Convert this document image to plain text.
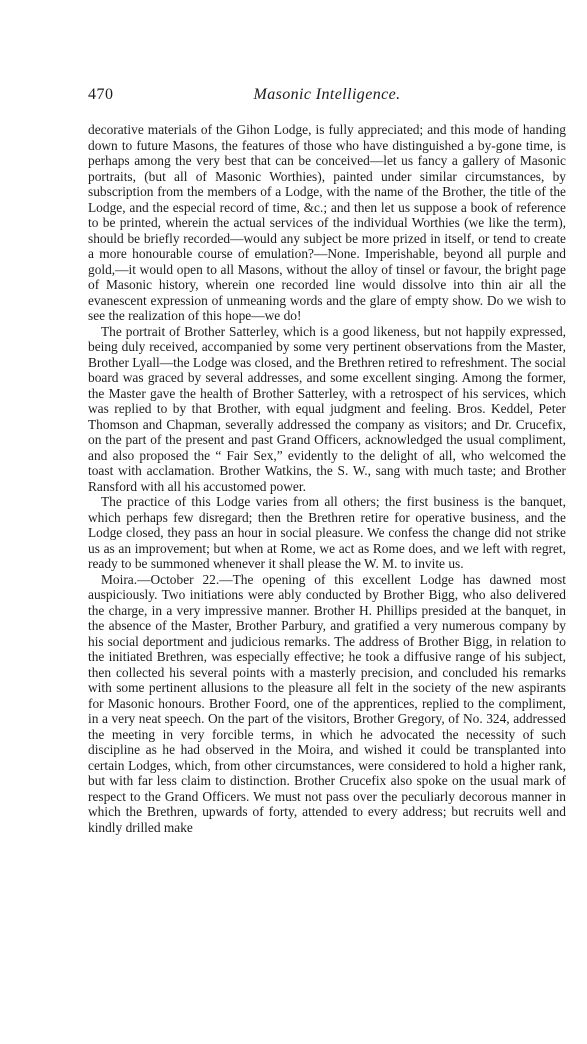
470	Masonic Intelligence.

decorative materials of the Gihon Lodge, is fully appreciated; and this mode of handing down to future Masons, the features of those who have distinguished a by-gone time, is perhaps among the very best that can be conceived—let us fancy a gallery of Masonic portraits, (but all of Masonic Worthies), painted under similar circumstances, by subscription from the members of a Lodge, with the name of the Brother, the title of the Lodge, and the especial record of time, &c.; and then let us suppose a book of reference to be printed, wherein the actual services of the individual Worthies (we like the term), should be briefly recorded—would any subject be more prized in itself, or tend to create a more honourable course of emulation?—None. Imperishable, beyond all purple and gold,—it would open to all Masons, without the alloy of tinsel or favour, the bright page of Masonic history, wherein one recorded line would dissolve into thin air all the evanescent expression of unmeaning words and the glare of empty show. Do we wish to see the realization of this hope—we do!

The portrait of Brother Satterley, which is a good likeness, but not happily expressed, being duly received, accompanied by some very pertinent observations from the Master, Brother Lyall—the Lodge was closed, and the Brethren retired to refreshment. The social board was graced by several addresses, and some excellent singing. Among the former, the Master gave the health of Brother Satterley, with a retrospect of his services, which was replied to by that Brother, with equal judgment and feeling. Bros. Keddel, Peter Thomson and Chapman, severally addressed the company as visitors; and Dr. Crucefix, on the part of the present and past Grand Officers, acknowledged the usual compliment, and also proposed the “ Fair Sex,” evidently to the delight of all, who welcomed the toast with acclamation. Brother Watkins, the S. W., sang with much taste; and Brother Ransford with all his accustomed power.

The practice of this Lodge varies from all others; the first business is the banquet, which perhaps few disregard; then the Brethren retire for operative business, and the Lodge closed, they pass an hour in social pleasure. We confess the change did not strike us as an improvement; but when at Rome, we act as Rome does, and we left with regret, ready to be summoned whenever it shall please the W. M. to invite us.

Moira.—October 22.—The opening of this excellent Lodge has dawned most auspiciously. Two initiations were ably conducted by Brother Bigg, who also delivered the charge, in a very impressive manner. Brother H. Phillips presided at the banquet, in the absence of the Master, Brother Parbury, and gratified a very numerous company by his social deportment and judicious remarks. The address of Brother Bigg, in relation to the initiated Brethren, was especially effective; he took a diffusive range of his subject, then collected his several points with a masterly precision, and concluded his remarks with some pertinent allusions to the pleasure all felt in the society of the new aspirants for Masonic honours. Brother Foord, one of the apprentices, replied to the compliment, in a very neat speech. On the part of the visitors, Brother Gregory, of No. 324, addressed the meeting in very forcible terms, in which he advocated the necessity of such discipline as he had observed in the Moira, and wished it could be transplanted into certain Lodges, which, from other circumstances, were considered to hold a higher rank, but with far less claim to distinction. Brother Crucefix also spoke on the usual mark of respect to the Grand Officers. We must not pass over the peculiarly decorous manner in which the Brethren, upwards of forty, attended to every address; but recruits well and kindly drilled make
